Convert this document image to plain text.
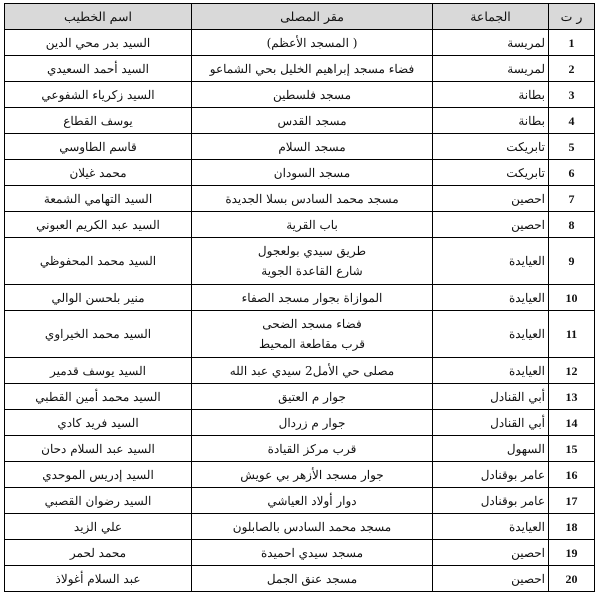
ر ت	الجماعة	مقر المصلى	اسم الخطيب
1	لمريسة	( المسجد الأعظم)	السيد بدر محي الدين
2	لمريسة	فضاء مسجد إبراهيم الخليل بحي الشماعو	السيد أحمد السعيدي
3	بطانة	مسجد فلسطين	السيد زكرياء الشفوعي
4	بطانة	مسجد القدس	يوسف القطاع
5	تابريكت	مسجد السلام	قاسم الطاوسي
6	تابريكت	مسجد السودان	محمد غيلان
7	احصين	مسجد محمد السادس بسلا الجديدة	السيد التهامي الشمعة
8	احصين	باب القرية	السيد عبد الكريم العبوني
9	العيايدة	طريق سيدي بولعجول
شارع القاعدة الجوية	السيد محمد المحفوظي
10	العيايدة	الموازاة بجوار مسجد الصفاء	منير بلحسن الوالي
11	العيايدة	فضاء مسجد الضحى
قرب مقاطعة المحيط	السيد محمد الخيراوي
12	العيايدة	مصلى حي الأمل2 سيدي عبد الله	السيد يوسف قدمير
13	أبي القنادل	جوار م العتيق	السيد محمد أمين القطبي
14	أبي القنادل	جوار م زردال	السيد فريد كادي
15	السهول	قرب مركز القيادة	السيد عبد السلام دحان
16	عامر بوقنادل	جوار مسجد الأزهر بي عويش	السيد إدريس الموحدي
17	عامر بوقنادل	دوار أولاد العياشي	السيد رضوان القصبي
18	العيايدة	مسجد محمد السادس بالصابلون	علي الزيد
19	احصين	مسجد سيدي احميدة	محمد لحمر
20	احصين	مسجد عنق الجمل	عبد السلام أغولاذ
